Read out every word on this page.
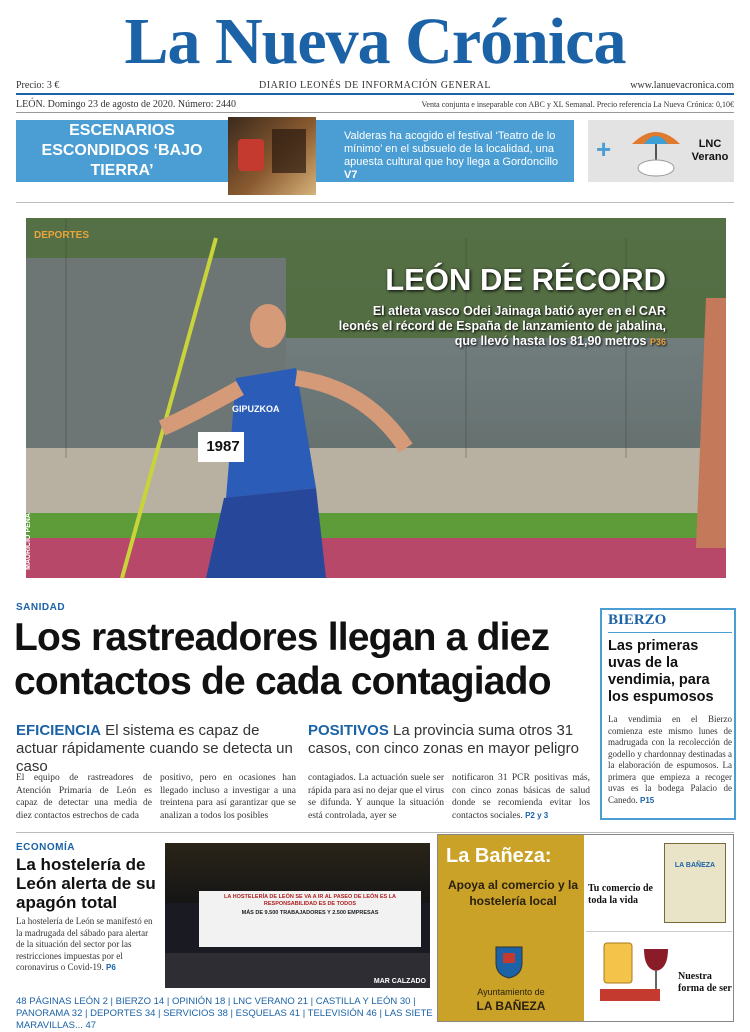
La Nueva Crónica
Precio: 3 €	DIARIO LEONÉS DE INFORMACIÓN GENERAL	www.lanuevacronica.com
LEÓN. Domingo 23 de agosto de 2020. Número: 2440	Venta conjunta e inseparable con ABC y XL Semanal. Precio referencia La Nueva Crónica: 0,10€
ESCENARIOS ESCONDIDOS ‘BAJO TIERRA’
Valderas ha acogido el festival ‘Teatro de lo mínimo’ en el subsuelo de la localidad, una apuesta cultural que hoy llega a Gordoncillo V7
+	LNC Verano
DEPORTES
1987
GIPUZKOA
LEÓN DE RÉCORD
El atleta vasco Odei Jainaga batió ayer en el CAR leonés el récord de España de lanzamiento de jabalina, que llevó hasta los 81,90 metros P36
MAURICIO PEÑA
SANIDAD
Los rastreadores llegan a diez contactos de cada contagiado
EFICIENCIA El sistema es capaz de actuar rápidamente cuando se detecta un caso
POSITIVOS La provincia suma otros 31 casos, con cinco zonas en mayor peligro
El equipo de rastreadores de Atención Primaria de León es capaz de detectar una media de diez contactos estrechos de cada
positivo, pero en ocasiones han llegado incluso a investigar a una treintena para así garantizar que se analizan a todos los posibles
contagiados. La actuación suele ser rápida para así no dejar que el virus se difunda. Y aunque la situación está controlada, ayer se
notificaron 31 PCR positivas más, con cinco zonas básicas de salud donde se recomienda evitar los contactos sociales. P2 y 3
BIERZO
Las primeras uvas de la vendimia, para los espumosos
La vendimia en el Bierzo comienza este mismo lunes de madrugada con la recolección de godello y chardonnay destinadas a la elaboración de espumosos. La primera que empieza a recoger uvas es la bodega Palacio de Canedo. P15
ECONOMÍA
La hostelería de León alerta de su apagón total
La hostelería de León se manifestó en la madrugada del sábado para alertar de la situación del sector por las restricciones impuestas por el coronavirus o Covid-19. P6
LA HOSTELERÍA DE LEÓN SE VA A IR AL PASEO DE LEÓN ES LA RESPONSABILIDAD ES DE TODOS
MÁS DE 9.500 TRABAJADORES Y 2.500 EMPRESAS
MAR CALZADO
La Bañeza:
Apoya al comercio y la hostelería local
Ayuntamiento de
LA BAÑEZA
Tu comercio de toda la vida
LA BAÑEZA
Nuestra forma de ser
48 PÁGINAS LEÓN 2 | BIERZO 14 | OPINIÓN 18 | LNC VERANO 21 | CASTILLA Y LEÓN 30 | PANORAMA 32 | DEPORTES 34 | SERVICIOS 38 | ESQUELAS 41 | TELEVISIÓN 46 | LAS SIETE MARAVILLAS... 47
